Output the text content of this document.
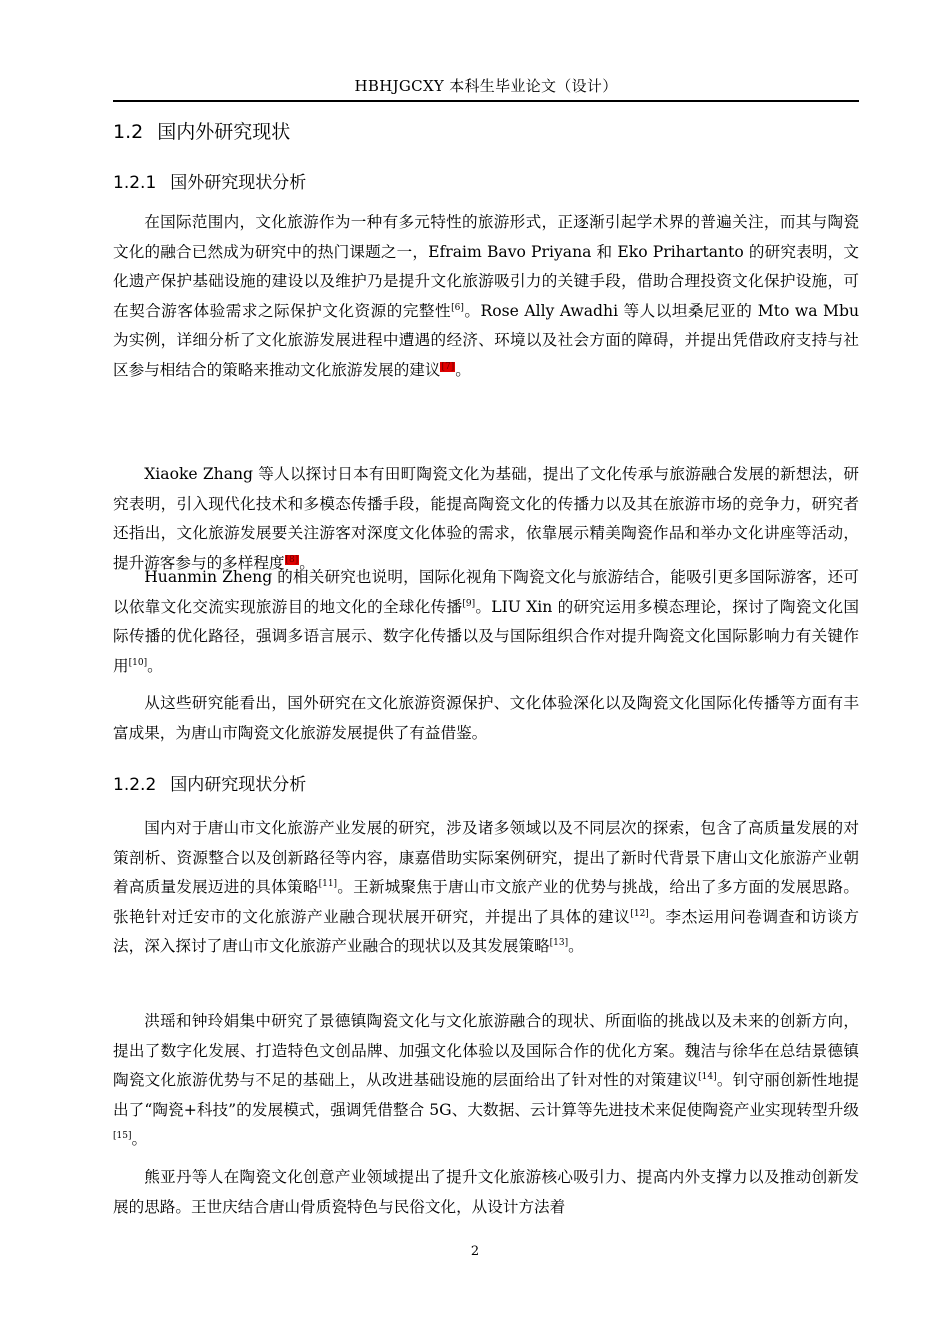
HBHJGCXY 本科生毕业论文（设计）
1.2 国内外研究现状
1.2.1 国外研究现状分析

在国际范围内，文化旅游作为一种有多元特性的旅游形式，正逐渐引起学术界的普遍关注，而其与陶瓷文化的融合已然成为研究中的热门课题之一，Efraim Bavo Priyana 和 Eko Prihartanto 的研究表明，文化遗产保护基础设施的建设以及维护乃是提升文化旅游吸引力的关键手段，借助合理投资文化保护设施，可在契合游客体验需求之际保护文化资源的完整性[6]。Rose Ally Awadhi 等人以坦桑尼亚的 Mto wa Mbu 为实例，详细分析了文化旅游发展进程中遭遇的经济、环境以及社会方面的障碍，并提出凭借政府支持与社区参与相结合的策略来推动文化旅游发展的建议[7]。

Xiaoke Zhang 等人以探讨日本有田町陶瓷文化为基础，提出了文化传承与旅游融合发展的新想法，研究表明，引入现代化技术和多模态传播手段，能提高陶瓷文化的传播力以及其在旅游市场的竞争力，研究者还指出，文化旅游发展要关注游客对深度文化体验的需求，依靠展示精美陶瓷作品和举办文化讲座等活动，提升游客参与的多样程度[8]。

Huanmin Zheng 的相关研究也说明，国际化视角下陶瓷文化与旅游结合，能吸引更多国际游客，还可以依靠文化交流实现旅游目的地文化的全球化传播[9]。LIU Xin 的研究运用多模态理论，探讨了陶瓷文化国际传播的优化路径，强调多语言展示、数字化传播以及与国际组织合作对提升陶瓷文化国际影响力有关键作用[10]。

从这些研究能看出，国外研究在文化旅游资源保护、文化体验深化以及陶瓷文化国际化传播等方面有丰富成果，为唐山市陶瓷文化旅游发展提供了有益借鉴。

1.2.2 国内研究现状分析

国内对于唐山市文化旅游产业发展的研究，涉及诸多领域以及不同层次的探索，包含了高质量发展的对策剖析、资源整合以及创新路径等内容，康嘉借助实际案例研究，提出了新时代背景下唐山文化旅游产业朝着高质量发展迈进的具体策略[11]。王新城聚焦于唐山市文旅产业的优势与挑战，给出了多方面的发展思路。张艳针对迁安市的文化旅游产业融合现状展开研究，并提出了具体的建议[12]。李杰运用问卷调查和访谈方法，深入探讨了唐山市文化旅游产业融合的现状以及其发展策略[13]。

洪瑶和钟玲娟集中研究了景德镇陶瓷文化与文化旅游融合的现状、所面临的挑战以及未来的创新方向，提出了数字化发展、打造特色文创品牌、加强文化体验以及国际合作的优化方案。魏洁与徐华在总结景德镇陶瓷文化旅游优势与不足的基础上，从改进基础设施的层面给出了针对性的对策建议[14]。钊守丽创新性地提出了“陶瓷+科技”的发展模式，强调凭借整合 5G、大数据、云计算等先进技术来促使陶瓷产业实现转型升级[15]。

熊亚丹等人在陶瓷文化创意产业领域提出了提升文化旅游核心吸引力、提高内外支撑力以及推动创新发展的思路。王世庆结合唐山骨质瓷特色与民俗文化，从设计方法着

2
